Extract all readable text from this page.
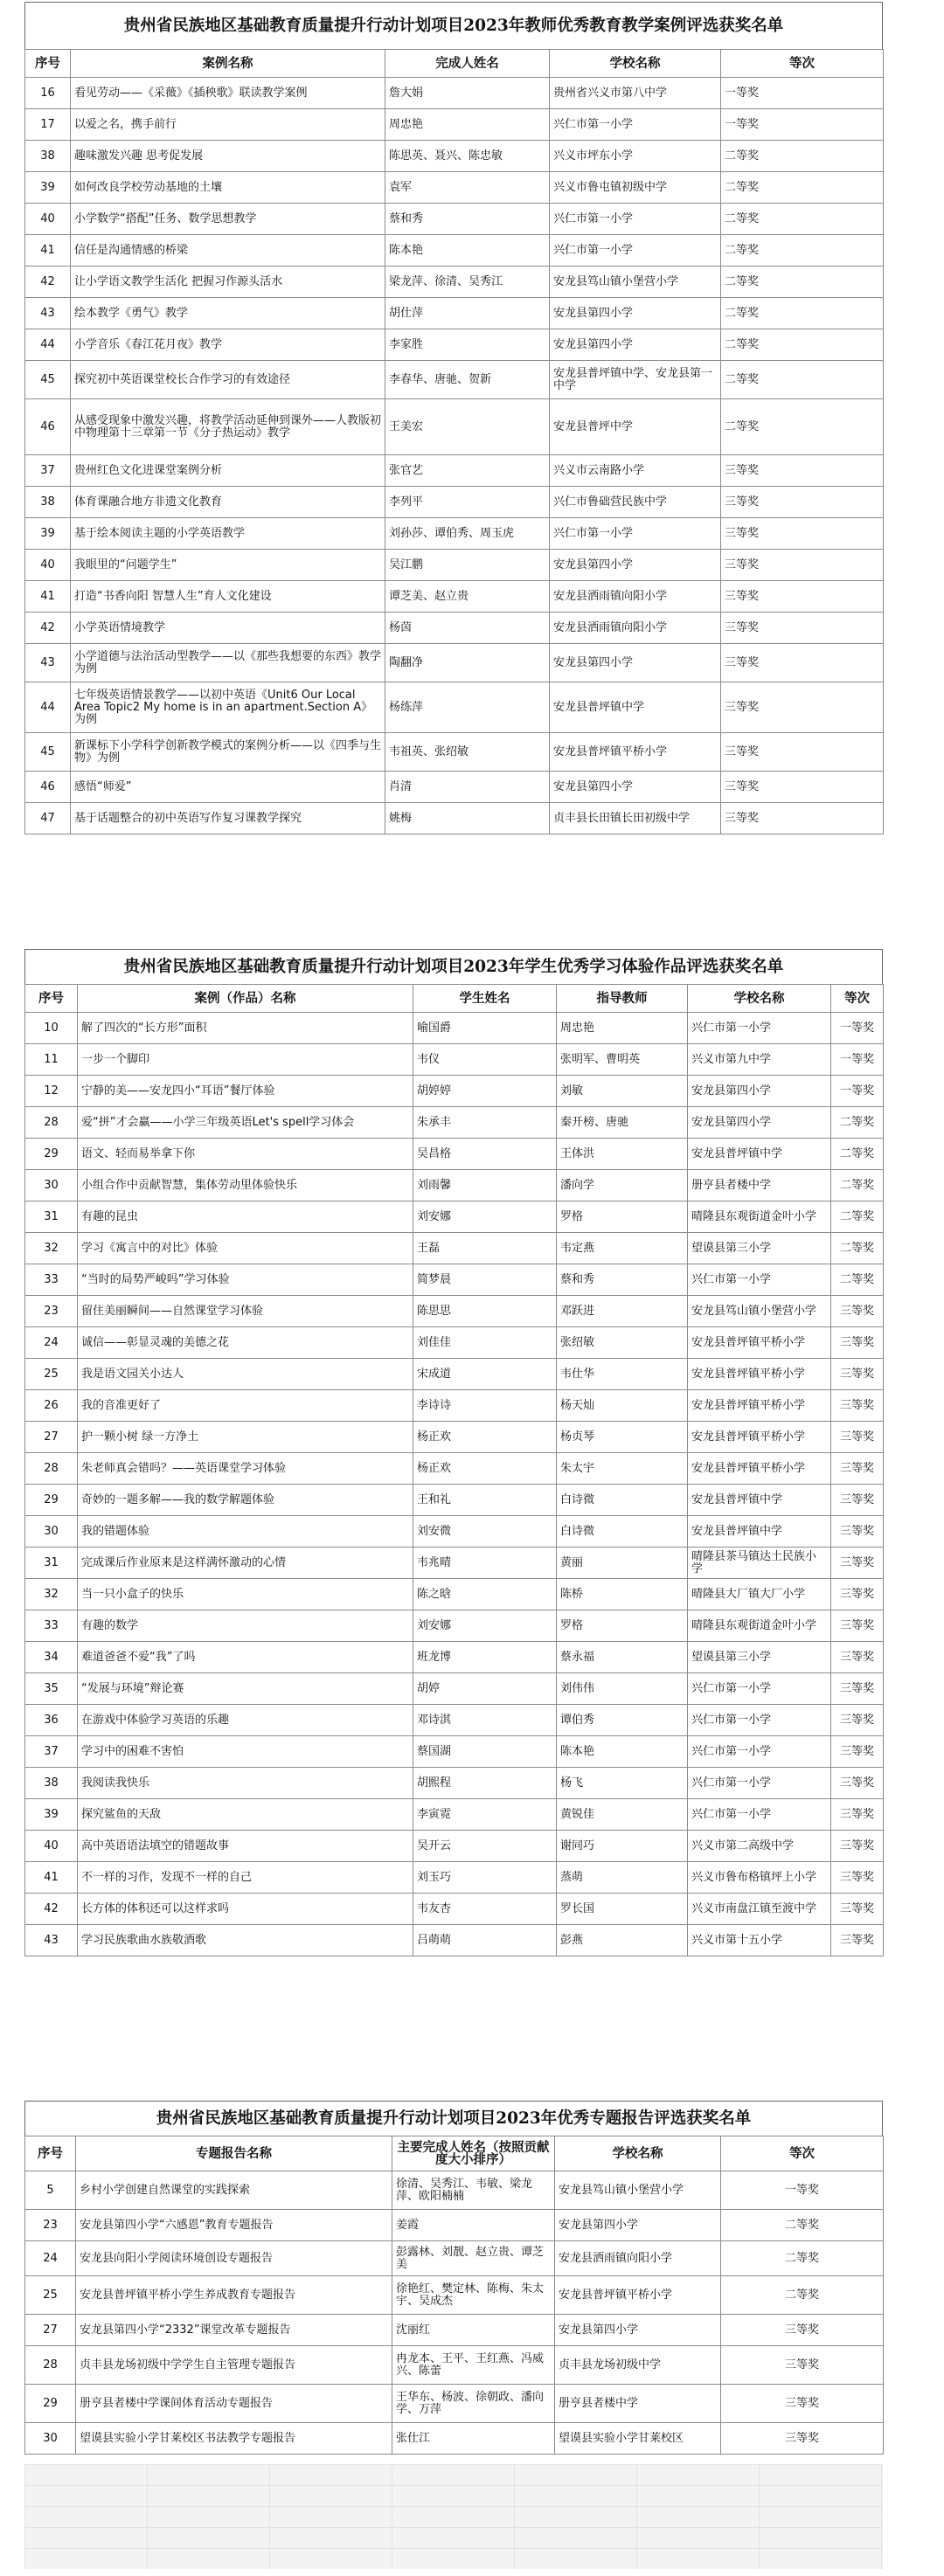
贵州省民族地区基础教育质量提升行动计划项目2023年教师优秀教育教学案例评选获奖名单
序号	案例名称	完成人姓名	学校名称	等次
16	看见劳动——《采薇》《插秧歌》联读教学案例	詹大娟	贵州省兴义市第八中学	一等奖
17	以爱之名，携手前行	周忠艳	兴仁市第一小学	一等奖
38	趣味激发兴趣 思考促发展	陈思英、聂兴、陈忠敏	兴义市坪东小学	二等奖
39	如何改良学校劳动基地的土壤	袁军	兴义市鲁屯镇初级中学	二等奖
40	小学数学“搭配”任务、数学思想教学	蔡和秀	兴仁市第一小学	二等奖
41	信任是沟通情感的桥梁	陈本艳	兴仁市第一小学	二等奖
42	让小学语文教学生活化 把握习作源头活水	梁龙萍、徐清、吴秀江	安龙县笃山镇小堡营小学	二等奖
43	绘本教学《勇气》教学	胡仕萍	安龙县第四小学	二等奖
44	小学音乐《春江花月夜》教学	李家胜	安龙县第四小学	二等奖
45	探究初中英语课堂校长合作学习的有效途径	李春华、唐驰、贺新	安龙县普坪镇中学、安龙县第一中学	二等奖
46	从感受现象中激发兴趣，将教学活动延伸到课外——人教版初中物理第十三章第一节《分子热运动》教学	王美宏	安龙县普坪中学	二等奖
37	贵州红色文化进课堂案例分析	张官艺	兴义市云南路小学	三等奖
38	体育课融合地方非遗文化教育	李列平	兴仁市鲁础营民族中学	三等奖
39	基于绘本阅读主题的小学英语教学	刘孙莎、谭伯秀、周玉虎	兴仁市第一小学	三等奖
40	我眼里的“问题学生”	吴江鹏	安龙县第四小学	三等奖
41	打造“书香向阳 智慧人生”育人文化建设	谭芝美、赵立贵	安龙县洒雨镇向阳小学	三等奖
42	小学英语情境教学	杨茵	安龙县洒雨镇向阳小学	三等奖
43	小学道德与法治活动型教学——以《那些我想要的东西》教学为例	陶翻净	安龙县第四小学	三等奖
44	七年级英语情景教学——以初中英语《Unit6 Our Local Area Topic2 My home is in an apartment.Section A》为例	杨练萍	安龙县普坪镇中学	三等奖
45	新课标下小学科学创新教学模式的案例分析——以《四季与生物》为例	韦祖英、张绍敏	安龙县普坪镇平桥小学	三等奖
46	感悟“师爱”	肖清	安龙县第四小学	三等奖
47	基于话题整合的初中英语写作复习课教学探究	姚梅	贞丰县长田镇长田初级中学	三等奖
贵州省民族地区基础教育质量提升行动计划项目2023年学生优秀学习体验作品评选获奖名单
序号	案例（作品）名称	学生姓名	指导教师	学校名称	等次
10	解了四次的“长方形”面积	喻国爵	周忠艳	兴仁市第一小学	一等奖
11	一步一个脚印	韦仪	张明军、曹明英	兴义市第九中学	一等奖
12	宁静的美——安龙四小“耳语”餐厅体验	胡婷婷	刘敏	安龙县第四小学	一等奖
28	爱“拼”才会赢——小学三年级英语Let's spell学习体会	朱承丰	秦开榜、唐驰	安龙县第四小学	二等奖
29	语文、轻而易举拿下你	吴昌格	王体洪	安龙县普坪镇中学	二等奖
30	小组合作中贡献智慧，集体劳动里体验快乐	刘雨馨	潘向学	册亨县者楼中学	二等奖
31	有趣的昆虫	刘安娜	罗格	晴隆县东观街道金叶小学	二等奖
32	学习《寓言中的对比》体验	王磊	韦定燕	望谟县第三小学	二等奖
33	“当时的局势严峻吗”学习体验	简梦晨	蔡和秀	兴仁市第一小学	二等奖
23	留住美丽瞬间——自然课堂学习体验	陈思思	邓跃进	安龙县笃山镇小堡营小学	三等奖
24	诚信——彰显灵魂的美德之花	刘佳佳	张绍敏	安龙县普坪镇平桥小学	三等奖
25	我是语文园关小达人	宋成道	韦仕华	安龙县普坪镇平桥小学	三等奖
26	我的音准更好了	李诗诗	杨天灿	安龙县普坪镇平桥小学	三等奖
27	护一颗小树 绿一方净土	杨正欢	杨贞琴	安龙县普坪镇平桥小学	三等奖
28	朱老师真会错吗？——英语课堂学习体验	杨正欢	朱太宇	安龙县普坪镇平桥小学	三等奖
29	奇妙的一题多解——我的数学解题体验	王和礼	白诗微	安龙县普坪镇中学	三等奖
30	我的错题体验	刘安微	白诗微	安龙县普坪镇中学	三等奖
31	完成课后作业原来是这样满怀激动的心情	韦兆晴	黄丽	晴隆县茶马镇达土民族小学	三等奖
32	当一只小盒子的快乐	陈之晗	陈桥	晴隆县大厂镇大厂小学	三等奖
33	有趣的数学	刘安娜	罗格	晴隆县东观街道金叶小学	三等奖
34	难道爸爸不爱“我”了吗	班龙博	蔡永福	望谟县第三小学	三等奖
35	“发展与环境”辩论赛	胡婷	刘伟伟	兴仁市第一小学	三等奖
36	在游戏中体验学习英语的乐趣	邓诗淇	谭伯秀	兴仁市第一小学	三等奖
37	学习中的困难不害怕	蔡国湖	陈本艳	兴仁市第一小学	三等奖
38	我阅读我快乐	胡熙程	杨飞	兴仁市第一小学	三等奖
39	探究鲨鱼的天敌	李寅霓	黄锐佳	兴仁市第一小学	三等奖
40	高中英语语法填空的错题故事	吴开云	谢同巧	兴义市第二高级中学	三等奖
41	不一样的习作，发现不一样的自己	刘玉巧	蒸萌	兴义市鲁布格镇坪上小学	三等奖
42	长方体的体积还可以这样求吗	韦友杏	罗长国	兴义市南盘江镇至渡中学	三等奖
43	学习民族歌曲水族敬酒歌	吕萌萌	彭燕	兴义市第十五小学	三等奖
贵州省民族地区基础教育质量提升行动计划项目2023年优秀专题报告评选获奖名单
序号	专题报告名称	主要完成人姓名（按照贡献度大小排序）	学校名称	等次
5	乡村小学创建自然课堂的实践探索	徐清、吴秀江、韦敏、梁龙萍、欧阳楠楠	安龙县笃山镇小堡营小学	一等奖
23	安龙县第四小学“六感恩”教育专题报告	姜霞	安龙县第四小学	二等奖
24	安龙县向阳小学阅读环境创设专题报告	彭露林、刘靓、赵立贵、谭芝美	安龙县洒雨镇向阳小学	二等奖
25	安龙县普坪镇平桥小学生养成教育专题报告	徐艳红、樊定林、陈梅、朱太宇、吴成杰	安龙县普坪镇平桥小学	二等奖
27	安龙县第四小学“2332”课堂改革专题报告	沈丽红	安龙县第四小学	三等奖
28	贞丰县龙场初级中学学生自主管理专题报告	冉龙本、王平、王红燕、冯威兴、陈蕾	贞丰县龙场初级中学	三等奖
29	册亨县者楼中学课间体育活动专题报告	王华东、杨波、徐朝政、潘向学、万萍	册亨县者楼中学	三等奖
30	望谟县实验小学甘莱校区书法教学专题报告	张仕江	望谟县实验小学甘莱校区	三等奖
